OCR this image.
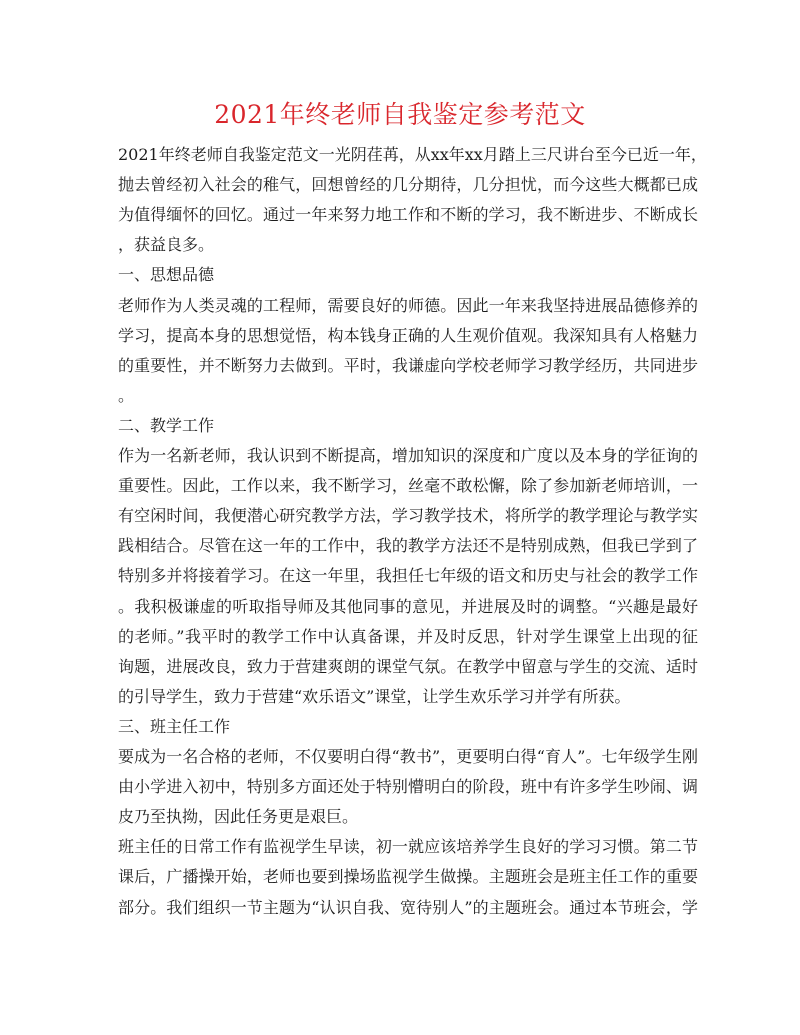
2021年终老师自我鉴定参考范文
2021年终老师自我鉴定范文一光阴荏苒，从xx年xx月踏上三尺讲台至今已近一年，
抛去曾经初入社会的稚气，回想曾经的几分期待，几分担忧，而今这些大概都已成
为值得缅怀的回忆。通过一年来努力地工作和不断的学习，我不断进步、不断成长
，获益良多。
一、思想品德
老师作为人类灵魂的工程师，需要良好的师德。因此一年来我坚持进展品德修养的
学习，提高本身的思想觉悟，构本钱身正确的人生观价值观。我深知具有人格魅力
的重要性，并不断努力去做到。平时，我谦虚向学校老师学习教学经历，共同进步
。
二、教学工作
作为一名新老师，我认识到不断提高，增加知识的深度和广度以及本身的学征询的
重要性。因此，工作以来，我不断学习，丝毫不敢松懈，除了参加新老师培训，一
有空闲时间，我便潜心研究教学方法，学习教学技术，将所学的教学理论与教学实
践相结合。尽管在这一年的工作中，我的教学方法还不是特别成熟，但我已学到了
特别多并将接着学习。在这一年里，我担任七年级的语文和历史与社会的教学工作
。我积极谦虚的听取指导师及其他同事的意见，并进展及时的调整。“兴趣是最好
的老师。”我平时的教学工作中认真备课，并及时反思，针对学生课堂上出现的征
询题，进展改良，致力于营建爽朗的课堂气氛。在教学中留意与学生的交流、适时
的引导学生，致力于营建“欢乐语文”课堂，让学生欢乐学习并学有所获。
三、班主任工作
要成为一名合格的老师，不仅要明白得“教书”，更要明白得“育人”。七年级学生刚
由小学进入初中，特别多方面还处于特别懵明白的阶段，班中有许多学生吵闹、调
皮乃至执拗，因此任务更是艰巨。
班主任的日常工作有监视学生早读，初一就应该培养学生良好的学习习惯。第二节
课后，广播操开始，老师也要到操场监视学生做操。主题班会是班主任工作的重要
部分。我们组织一节主题为“认识自我、宽待别人”的主题班会。通过本节班会，学
